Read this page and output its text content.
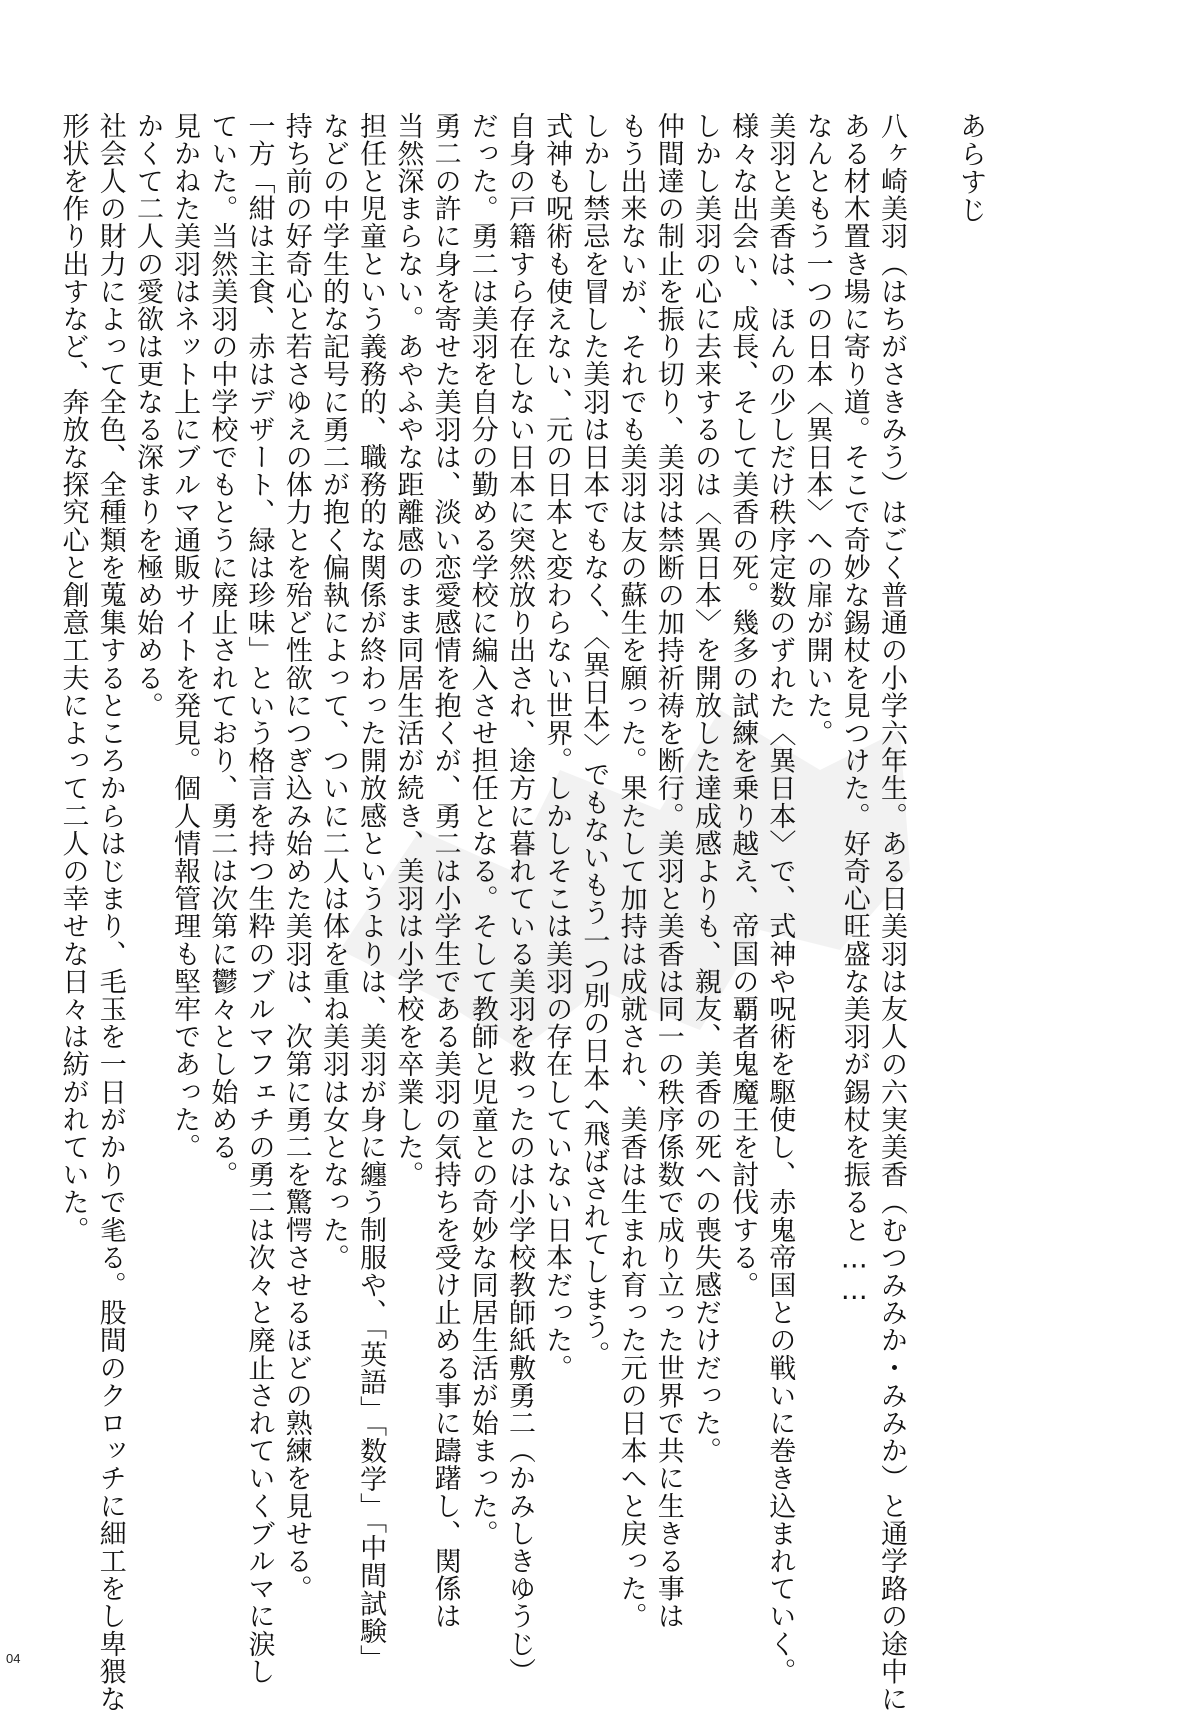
あらすじ
八ヶ崎美羽（はちがさきみう）はごく普通の小学六年生。ある日美羽は友人の六実美香（むつみみか・みみか）と通学路の途中に
ある材木置き場に寄り道。そこで奇妙な錫杖を見つけた。好奇心旺盛な美羽が錫杖を振ると……
なんともう一つの日本〈異日本〉への扉が開いた。
美羽と美香は、ほんの少しだけ秩序定数のずれた〈異日本〉で、式神や呪術を駆使し、赤鬼帝国との戦いに巻き込まれていく。
様々な出会い、成長、そして美香の死。幾多の試練を乗り越え、帝国の覇者鬼魔王を討伐する。
しかし美羽の心に去来するのは〈異日本〉を開放した達成感よりも、親友、美香の死への喪失感だけだった。
仲間達の制止を振り切り、美羽は禁断の加持祈祷を断行。美羽と美香は同一の秩序係数で成り立った世界で共に生きる事は
もう出来ないが、それでも美羽は友の蘇生を願った。果たして加持は成就され、美香は生まれ育った元の日本へと戻った。
しかし禁忌を冒した美羽は日本でもなく、〈異日本〉でもないもう一つ別の日本へ飛ばされてしまう。
式神も呪術も使えない、元の日本と変わらない世界。しかしそこは美羽の存在していない日本だった。
自身の戸籍すら存在しない日本に突然放り出され、途方に暮れている美羽を救ったのは小学校教師紙敷勇二（かみしきゆうじ）
だった。勇二は美羽を自分の勤める学校に編入させ担任となる。そして教師と児童との奇妙な同居生活が始まった。
勇二の許に身を寄せた美羽は、淡い恋愛感情を抱くが、勇二は小学生である美羽の気持ちを受け止める事に躊躇し、関係は
当然深まらない。あやふやな距離感のまま同居生活が続き、美羽は小学校を卒業した。
担任と児童という義務的、職務的な関係が終わった開放感というよりは、美羽が身に纏う制服や、「英語」「数学」「中間試験」
などの中学生的な記号に勇二が抱く偏執によって、ついに二人は体を重ね美羽は女となった。
持ち前の好奇心と若さゆえの体力とを殆ど性欲につぎ込み始めた美羽は、次第に勇二を驚愕させるほどの熟練を見せる。
一方「紺は主食、赤はデザート、緑は珍味」という格言を持つ生粋のブルマフェチの勇二は次々と廃止されていくブルマに涙し
ていた。当然美羽の中学校でもとうに廃止されており、勇二は次第に鬱々とし始める。
見かねた美羽はネット上にブルマ通販サイトを発見。個人情報管理も堅牢であった。
かくて二人の愛欲は更なる深まりを極め始める。
社会人の財力によって全色、全種類を蒐集するところからはじまり、毛玉を一日がかりで毟る。股間のクロッチに細工をし卑猥な
形状を作り出すなど、奔放な探究心と創意工夫によって二人の幸せな日々は紡がれていた。
04
